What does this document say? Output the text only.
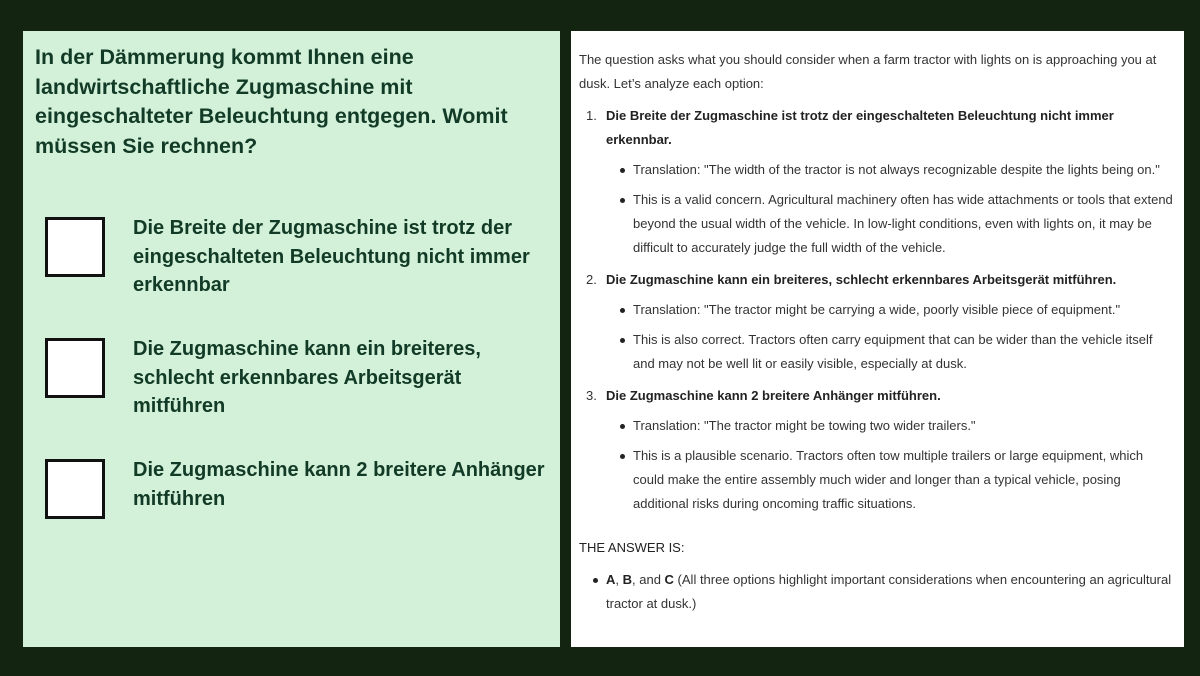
In der Dämmerung kommt Ihnen eine landwirtschaftliche Zugmaschine mit eingeschalteter Beleuchtung entgegen. Womit müssen Sie rechnen?
Die Breite der Zugmaschine ist trotz der eingeschalteten Beleuchtung nicht immer erkennbar
Die Zugmaschine kann ein breiteres, schlecht erkennbares Arbeitsgerät mitführen
Die Zugmaschine kann 2 breitere Anhänger mitführen

The question asks what you should consider when a farm tractor with lights on is approaching you at dusk. Let’s analyze each option:

1. Die Breite der Zugmaschine ist trotz der eingeschalteten Beleuchtung nicht immer erkennbar.
Translation: "The width of the tractor is not always recognizable despite the lights being on."
This is a valid concern. Agricultural machinery often has wide attachments or tools that extend beyond the usual width of the vehicle. In low-light conditions, even with lights on, it may be difficult to accurately judge the full width of the vehicle.
2. Die Zugmaschine kann ein breiteres, schlecht erkennbares Arbeitsgerät mitführen.
Translation: "The tractor might be carrying a wide, poorly visible piece of equipment."
This is also correct. Tractors often carry equipment that can be wider than the vehicle itself and may not be well lit or easily visible, especially at dusk.
3. Die Zugmaschine kann 2 breitere Anhänger mitführen.
Translation: "The tractor might be towing two wider trailers."
This is a plausible scenario. Tractors often tow multiple trailers or large equipment, which could make the entire assembly much wider and longer than a typical vehicle, posing additional risks during oncoming traffic situations.

THE ANSWER IS:

A, B, and C (All three options highlight important considerations when encountering an agricultural tractor at dusk.)
